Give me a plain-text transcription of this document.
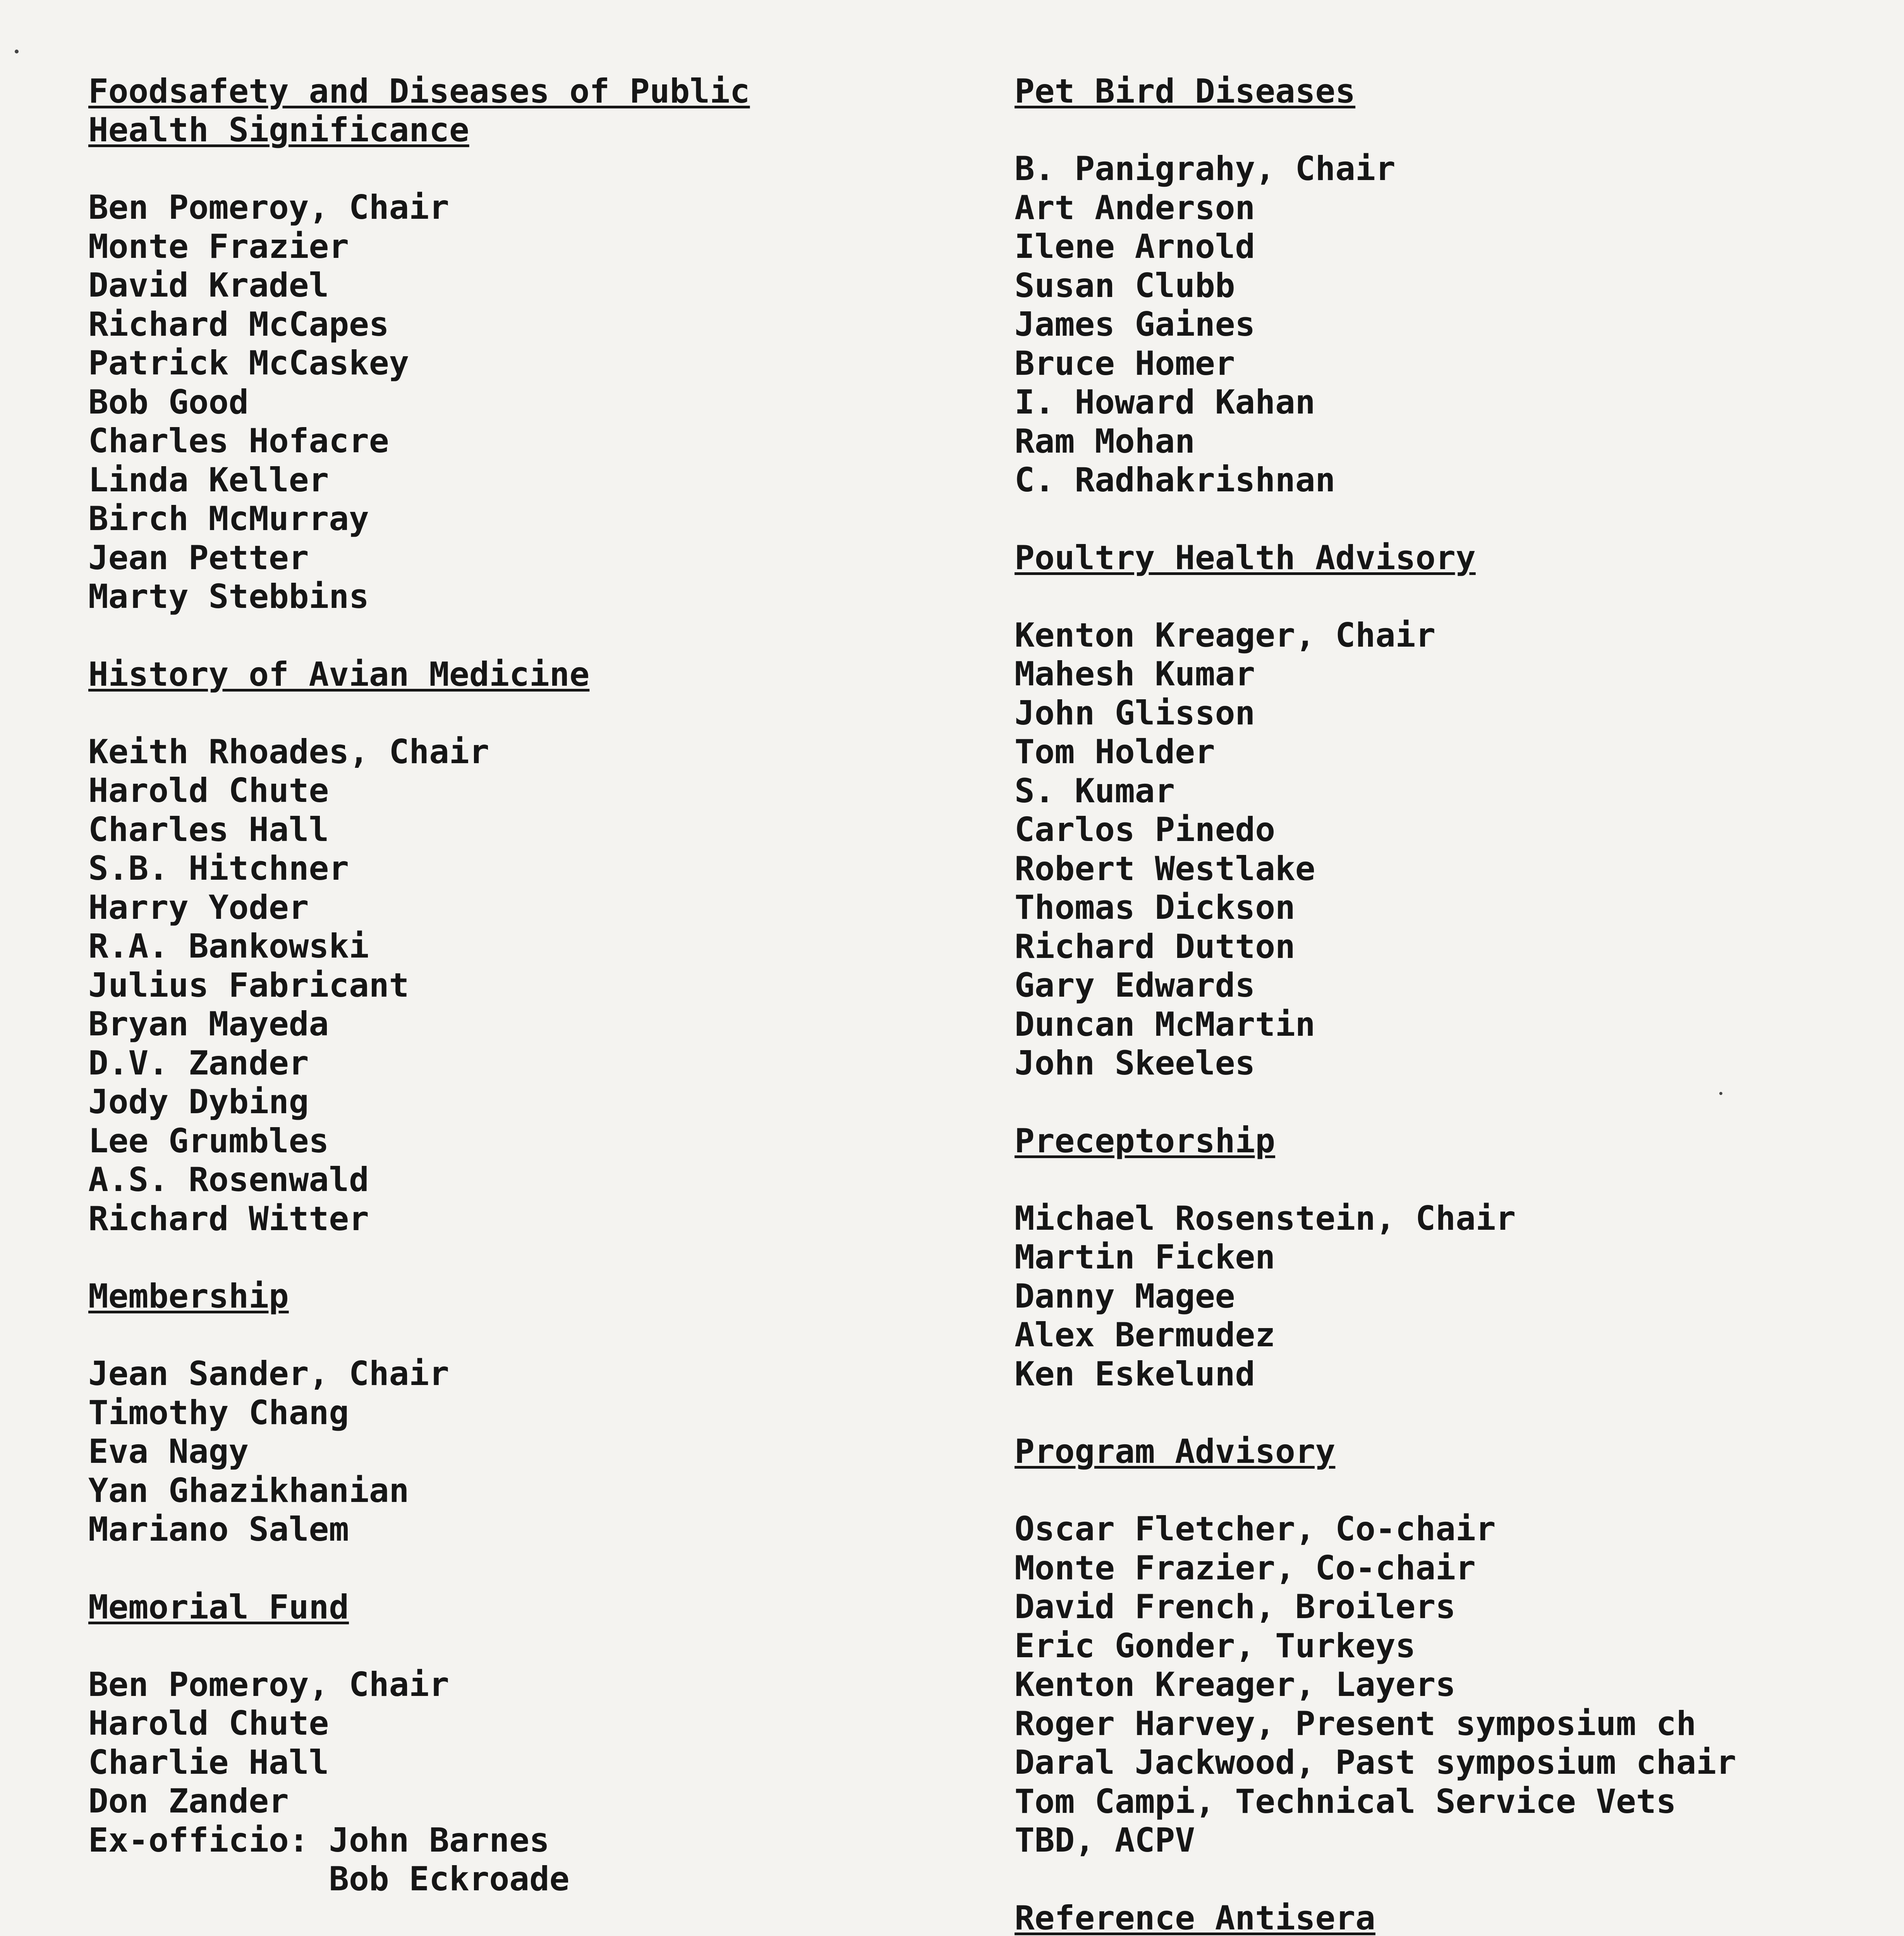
Foodsafety and Diseases of Public
Health Significance
Ben Pomeroy, Chair
Monte Frazier
David Kradel
Richard McCapes
Patrick McCaskey
Bob Good
Charles Hofacre
Linda Keller
Birch McMurray
Jean Petter
Marty Stebbins
History of Avian Medicine
Keith Rhoades, Chair
Harold Chute
Charles Hall
S.B. Hitchner
Harry Yoder
R.A. Bankowski
Julius Fabricant
Bryan Mayeda
D.V. Zander
Jody Dybing
Lee Grumbles
A.S. Rosenwald
Richard Witter
Membership
Jean Sander, Chair
Timothy Chang
Eva Nagy
Yan Ghazikhanian
Mariano Salem
Memorial Fund
Ben Pomeroy, Chair
Harold Chute
Charlie Hall
Don Zander
Ex-officio: John Barnes
Bob Eckroade
Pet Bird Diseases
B. Panigrahy, Chair
Art Anderson
Ilene Arnold
Susan Clubb
James Gaines
Bruce Homer
I. Howard Kahan
Ram Mohan
C. Radhakrishnan
Poultry Health Advisory
Kenton Kreager, Chair
Mahesh Kumar
John Glisson
Tom Holder
S. Kumar
Carlos Pinedo
Robert Westlake
Thomas Dickson
Richard Dutton
Gary Edwards
Duncan McMartin
John Skeeles
Preceptorship
Michael Rosenstein, Chair
Martin Ficken
Danny Magee
Alex Bermudez
Ken Eskelund
Program Advisory
Oscar Fletcher, Co-chair
Monte Frazier, Co-chair
David French, Broilers
Eric Gonder, Turkeys
Kenton Kreager, Layers
Roger Harvey, Present symposium ch
Daral Jackwood, Past symposium chair
Tom Campi, Technical Service Vets
TBD, ACPV
Reference Antisera
